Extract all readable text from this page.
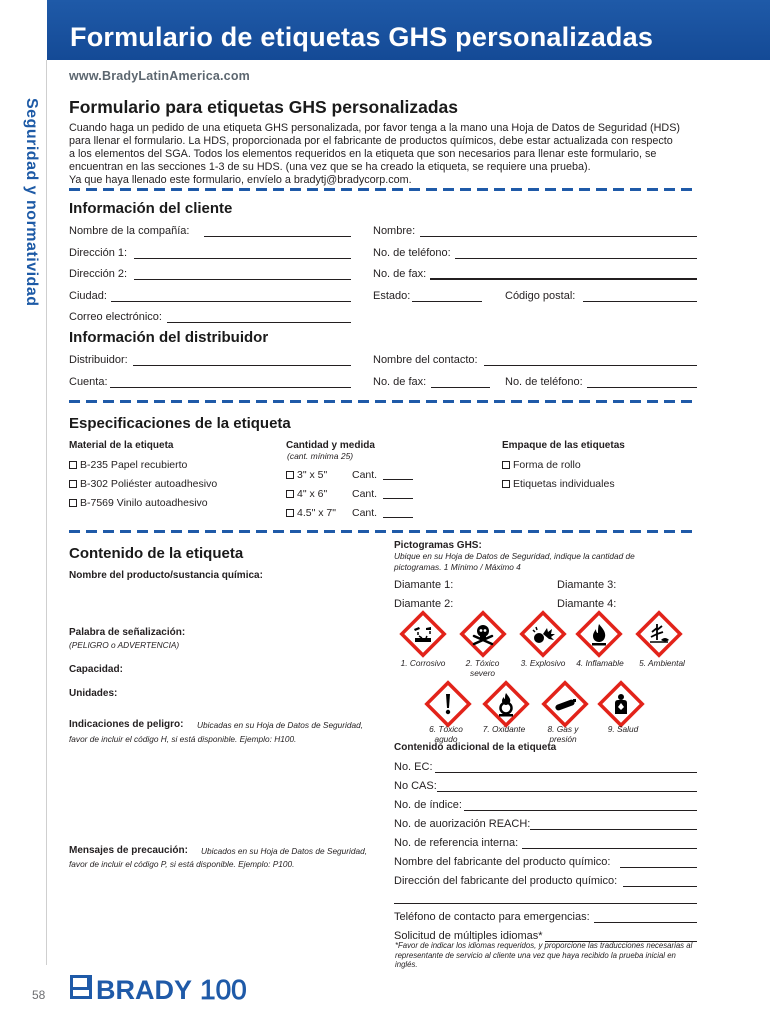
Formulario de etiquetas GHS personalizadas
www.BradyLatinAmerica.com
Seguridad y normatividad Formulario para etiquetas GHS personalizadas
Cuando haga un pedido de una etiqueta GHS personalizada, por favor tenga a la mano una Hoja de Datos de Seguridad (HDS)
para llenar el formulario. La HDS, proporcionada por el fabricante de productos químicos, debe estar actualizada con respecto
a los elementos del SGA. Todos los elementos requeridos en la etiqueta que son necesarios para llenar este formulario, se
encuentran en las secciones 1-3 de su HDS. (una vez que se ha creado la etiqueta, se requiere una prueba).
Ya que haya llenado este formulario, envíelo a bradytj@bradycorp.com.
Información del cliente
Nombre de la compañía:	Nombre:
Dirección 1:	No. de teléfono:
Dirección 2:	No. de fax:
Ciudad:	Estado:	Código postal:
Correo electrónico:
Información del distribuidor
Distribuidor:	Nombre del contacto:
Cuenta:	No. de fax:	No. de teléfono:
Especificaciones de la etiqueta
Material de la etiqueta
B-235 Papel recubierto
B-302 Poliéster autoadhesivo
B-7569 Vinilo autoadhesivo
Cantidad y medida
(cant. mínima 25)
3" x 5" Cant.
4" x 6" Cant.
4.5" x 7" Cant.
Empaque de las etiquetas
Forma de rollo
Etiquetas individuales
Contenido de la etiqueta
Nombre del producto/sustancia química:
Palabra de señalización:
(PELIGRO o ADVERTENCIA)
Capacidad:
Unidades:
Indicaciones de peligro: Ubicadas en su Hoja de Datos de Seguridad,
favor de incluir el código H, si está disponible. Ejemplo: H100.
Mensajes de precaución: Ubicados en su Hoja de Datos de Seguridad,
favor de incluir el código P, si está disponible. Ejemplo: P100.
Pictogramas GHS:
Ubique en su Hoja de Datos de Seguridad, indique la cantidad de
pictogramas. 1 Mínimo / Máximo 4
Diamante 1:	Diamante 3:
Diamante 2:	Diamante 4:
1. Corrosivo	2. Tóxico severo
3. Explosivo	4. Inflamable	5. Ambiental
6. Tóxico agudo
7. Oxidante	8. Gas y presión
9. Salud
Contenido adicional de la etiqueta
No. EC:
No CAS:
No. de índice:
No. de auorización REACH:
No. de referencia interna:
Nombre del fabricante del producto químico:
Dirección del fabricante del producto químico:
Teléfono de contacto para emergencias:
Solicitud de múltiples idiomas*
*Favor de indicar los idiomas requeridos, y proporcione las traducciones necesarias al representante de servicio al cliente una vez que haya recibido la prueba inicial en inglés.
58 BRADY 100
